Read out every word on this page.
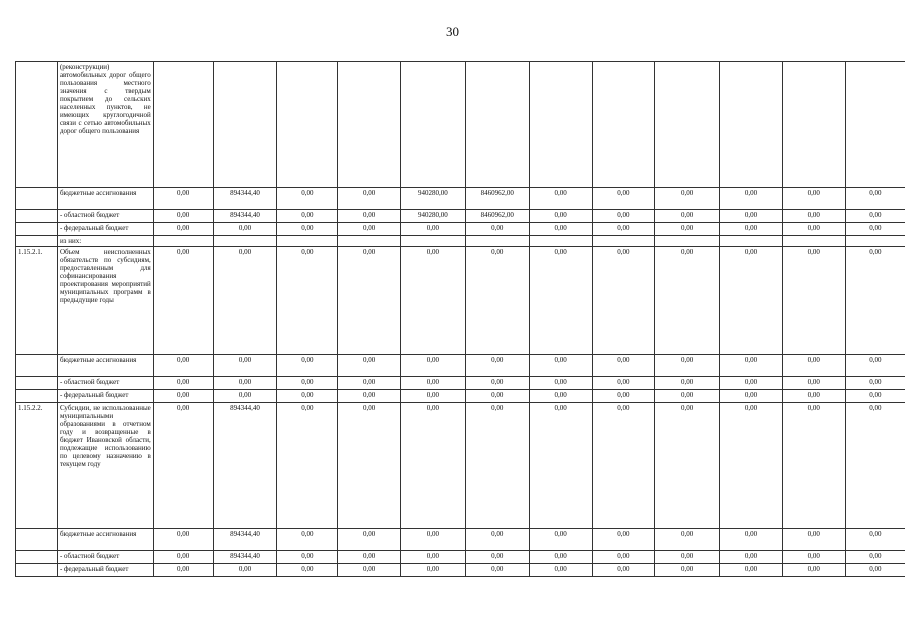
30
	(реконструкции) автомобильных дорог общего пользования местного значения с твердым покрытием до сельских населенных пунктов, не имеющих круглогодичной связи с сетью автомобильных дорог общего пользования												
	бюджетные ассигнования	0,00	894344,40	0,00	0,00	940280,00	8460962,00	0,00	0,00	0,00	0,00	0,00	0,00
	- областной бюджет	0,00	894344,40	0,00	0,00	940280,00	8460962,00	0,00	0,00	0,00	0,00	0,00	0,00
	- федеральный бюджет	0,00	0,00	0,00	0,00	0,00	0,00	0,00	0,00	0,00	0,00	0,00	0,00
	из них:												
1.15.2.1.	Объем неисполненных обязательств по субсидиям, предоставленным для софинансирования проектирования мероприятий муниципальных программ в предыдущие годы	0,00	0,00	0,00	0,00	0,00	0,00	0,00	0,00	0,00	0,00	0,00	0,00
	бюджетные ассигнования	0,00	0,00	0,00	0,00	0,00	0,00	0,00	0,00	0,00	0,00	0,00	0,00
	- областной бюджет	0,00	0,00	0,00	0,00	0,00	0,00	0,00	0,00	0,00	0,00	0,00	0,00
	- федеральный бюджет	0,00	0,00	0,00	0,00	0,00	0,00	0,00	0,00	0,00	0,00	0,00	0,00
1.15.2.2.	Субсидии, не использованные муниципальными образованиями в отчетном году и возвращенные в бюджет Ивановской области, подлежащие использованию по целевому назначению в текущем году	0,00	894344,40	0,00	0,00	0,00	0,00	0,00	0,00	0,00	0,00	0,00	0,00
	бюджетные ассигнования	0,00	894344,40	0,00	0,00	0,00	0,00	0,00	0,00	0,00	0,00	0,00	0,00
	- областной бюджет	0,00	894344,40	0,00	0,00	0,00	0,00	0,00	0,00	0,00	0,00	0,00	0,00
	- федеральный бюджет	0,00	0,00	0,00	0,00	0,00	0,00	0,00	0,00	0,00	0,00	0,00	0,00
